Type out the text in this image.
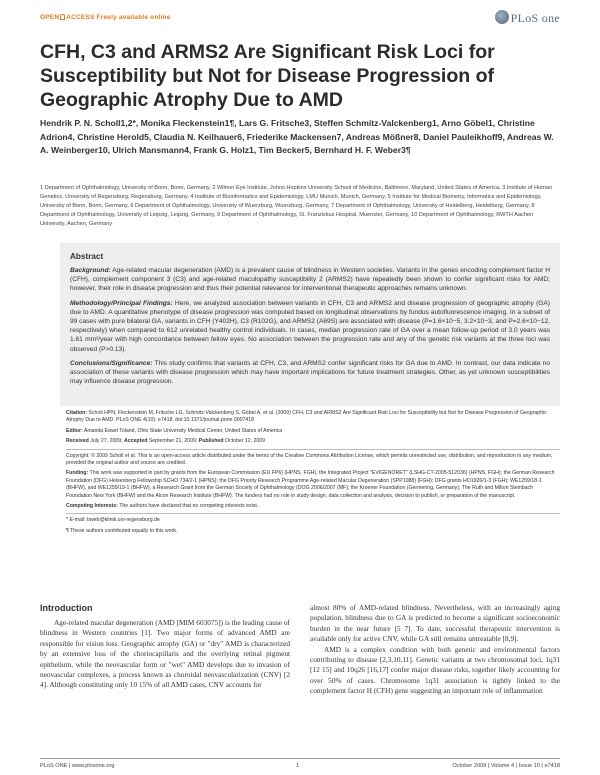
OPEN ACCESS Freely available online	PLoS one
CFH, C3 and ARMS2 Are Significant Risk Loci for Susceptibility but Not for Disease Progression of Geographic Atrophy Due to AMD
Hendrik P. N. Scholl1,2*, Monika Fleckenstein1¶, Lars G. Fritsche3, Steffen Schmitz-Valckenberg1, Arno Göbel1, Christine Adrion4, Christine Herold5, Claudia N. Keilhauer6, Friederike Mackensen7, Andreas Mößner8, Daniel Pauleikhoff9, Andreas W. A. Weinberger10, Ulrich Mansmann4, Frank G. Holz1, Tim Becker5, Bernhard H. F. Weber3¶
1 Department of Ophthalmology, University of Bonn, Bonn, Germany, 2 Wilmer Eye Institute, Johns Hopkins University School of Medicine, Baltimore, Maryland, United States of America, 3 Institute of Human Genetics, University of Regensburg, Regensburg, Germany, 4 Institute of Bioinformatics and Epidemiology, LMU Munich, Munich, Germany, 5 Institute for Medical Biometry, Informatics and Epidemiology, University of Bonn, Bonn, Germany, 6 Department of Ophthalmology, University of Wuerzburg, Wuerzburg, Germany, 7 Department of Ophthalmology, University of Heidelberg, Heidelberg, Germany, 8 Department of Ophthalmology, University of Leipzig, Leipzig, Germany, 9 Department of Ophthalmology, St. Franziskus Hospital, Muenster, Germany, 10 Department of Ophthalmology, RWTH Aachen University, Aachen, Germany
Abstract

Background: Age-related macular degeneration (AMD) is a prevalent cause of blindness in Western societies. Variants in the genes encoding complement factor H (CFH), complement component 3 (C3) and age-related maculopathy susceptibility 2 (ARMS2) have repeatedly been shown to confer significant risks for AMD; however, their role in disease progression and thus their potential relevance for interventional therapeutic approaches remains unknown.

Methodology/Principal Findings: Here, we analyzed association between variants in CFH, C3 and ARMS2 and disease progression of geographic atrophy (GA) due to AMD. A quantitative phenotype of disease progression was computed based on longitudinal observations by fundus autofluorescence imaging. In a subset of 99 cases with pure bilateral GA, variants in CFH (Y402H), C3 (R102G), and ARMS2 (A69S) are associated with disease (P=1.6×10−5, 3.2×10−3, and P=2.6×10−12, respectively) when compared to 612 unrelated healthy control individuals. In cases, median progression rate of GA over a mean follow-up period of 3.0 years was 1.61 mm²/year with high concordance between fellow eyes. No association between the progression rate and any of the genetic risk variants at the three loci was observed (P>0.13).

Conclusions/Significance: This study confirms that variants at CFH, C3, and ARMS2 confer significant risks for GA due to AMD. In contrast, our data indicate no association of these variants with disease progression which may have important implications for future treatment strategies. Other, as yet unknown susceptibilities may influence disease progression.

Citation: Scholl HPN, Fleckenstein M, Fritsche LG, Schmitz-Valckenberg S, Göbel A, et al. (2009) CFH, C3 and ARMS2 Are Significant Risk Loci for Susceptibility but Not for Disease Progression of Geographic Atrophy Due to AMD. PLoS ONE 4(10): e7418. doi:10.1371/journal.pone.0007418

Editor: Amanda Ewart Toland, Ohio State University Medical Center, United States of America

Received July 27, 2009; Accepted September 21, 2009; Published October 12, 2009

Copyright: © 2009 Scholl et al. This is an open-access article distributed under the terms of the Creative Commons Attribution License, which permits unrestricted use, distribution, and reproduction in any medium, provided the original author and source are credited.

Funding: This work was supported in part by grants from the European Commission (EU FP6) (HPNS, FGH), the Integrated Project "EVIGENORET" (LSHG-CT-2005-512036) (HPNS, FGH); the German Research Foundation (DFG) Heisenberg Fellowship SCHO 734/2-1 (HPNS); the DFG Priority Research Programme Age-related Macular Degeneration (SPP1088) (FGH); DFG grants HO1926/1-3 (FGH); WE1259/18-1 (BHFW), and WE1259/19-1 (BHFW), a Research Grant from the German Society of Ophthalmology (DOG 2006/2007 (MF); the Kroener Foundation (Germering, Germany); The Ruth and Milton Steinbach Foundation New York (BHFW) and the Alcon Research Institute (BHFW). The funders had no role in study design, data collection and analysis, decision to publish, or preparation of the manuscript.

Competing Interests: The authors have declared that no competing interests exist.

* E-mail: bweb@klinik.uni-regensburg.de

¶ These authors contributed equally to this work.

Introduction

Age-related macular degeneration (AMD [MIM 603075]) is the leading cause of blindness in Western countries [1]. Two major forms of advanced AMD are responsible for vision loss. Geographic atrophy (GA) or "dry" AMD is characterized by an extensive loss of the choriocapillaris and the overlying retinal pigment epithelium, while the neovascular form or "wet" AMD develops due to invasion of neovascular complexes, a process known as choroidal neovascularization (CNV) [2 4]. Although constituting only 10 15% of all AMD cases, CNV accounts for

almost 80% of AMD-related blindness. Nevertheless, with an increasingly aging population, blindness due to GA is predicted to become a significant socioeconomic burden in the near future [5 7]. To date, successful therapeutic intervention is available only for active CNV, while GA still remains untreatable [8,9].

AMD is a complex condition with both genetic and environmental factors contributing to disease [2,3,10,11]. Genetic variants at two chromosomal loci, 1q31 [12 15] and 10q26 [16,17] confer major disease risks, together likely accounting for over 50% of cases. Chromosome 1q31 association is tightly linked to the complement factor H (CFH) gene suggesting an important role of inflammation

PLoS ONE | www.plosone.org	1	October 2009 | Volume 4 | Issue 10 | e7418
